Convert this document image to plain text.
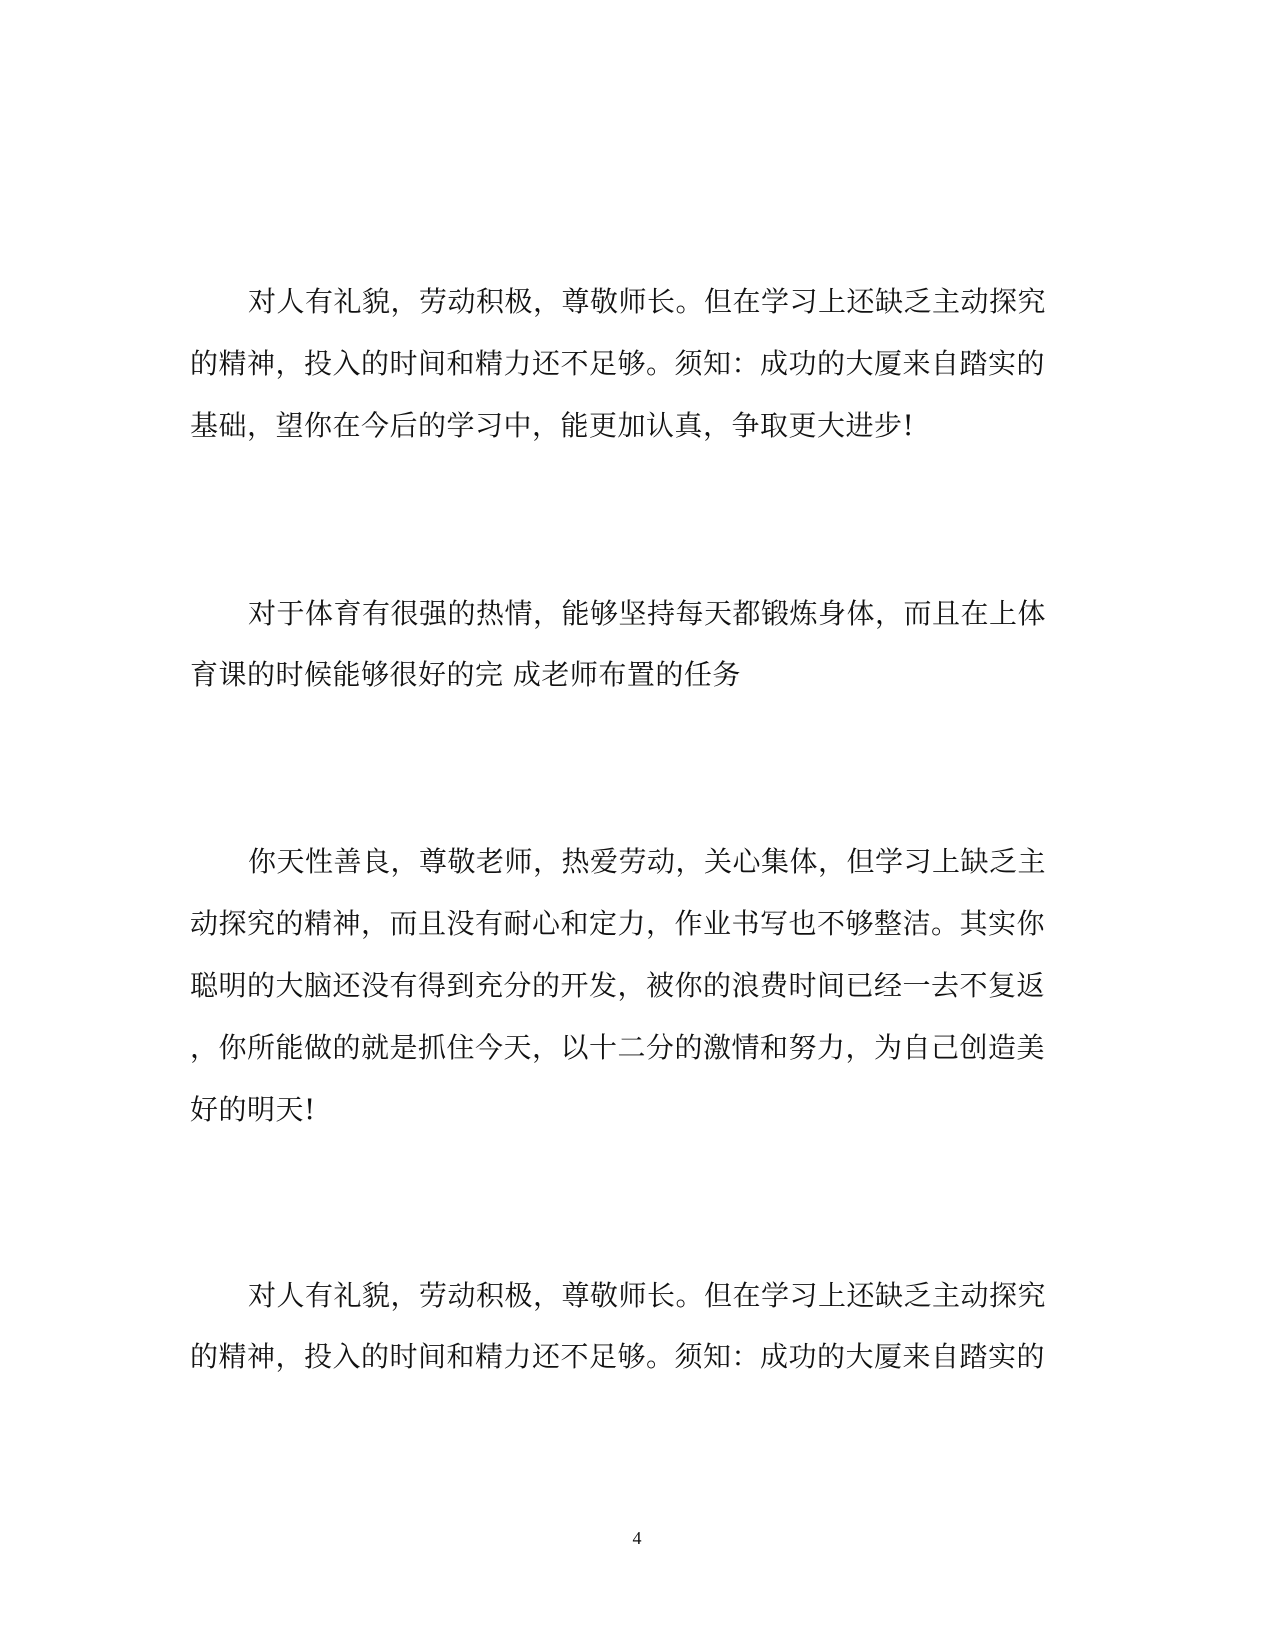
对人有礼貌，劳动积极，尊敬师长。但在学习上还缺乏主动探究
的精神，投入的时间和精力还不足够。须知：成功的大厦来自踏实的
基础，望你在今后的学习中，能更加认真，争取更大进步!
对于体育有很强的热情，能够坚持每天都锻炼身体，而且在上体
育课的时候能够很好的完 成老师布置的任务
你天性善良，尊敬老师，热爱劳动，关心集体，但学习上缺乏主
动探究的精神，而且没有耐心和定力，作业书写也不够整洁。其实你
聪明的大脑还没有得到充分的开发，被你的浪费时间已经一去不复返
，你所能做的就是抓住今天，以十二分的激情和努力，为自己创造美
好的明天!
对人有礼貌，劳动积极，尊敬师长。但在学习上还缺乏主动探究
的精神，投入的时间和精力还不足够。须知：成功的大厦来自踏实的
4
